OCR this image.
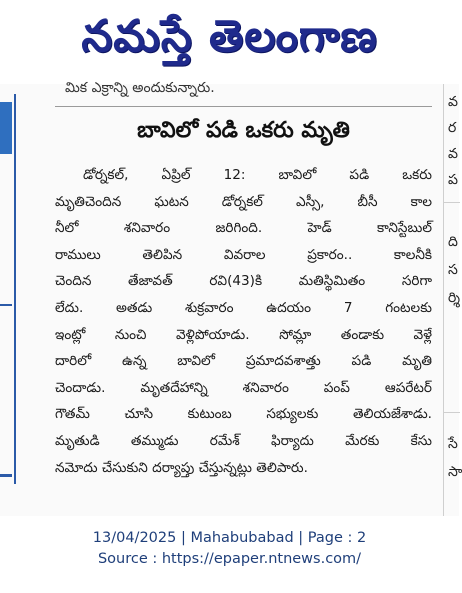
నమస్తే తెలంగాణ
మిక ఎక్రాన్ని అందుకున్నారు.
బావిలో పడి ఒకరు మృతి
డోర్నకల్, ఏప్రిల్ 12: బావిలో పడి ఒకరు
మృతిచెందిన ఘటన డోర్నకల్ ఎస్సీ, బీసీ కాల
నీలో శనివారం జరిగింది. హెడ్ కానిస్టేబుల్
రాములు తెలిపిన వివరాల ప్రకారం.. కాలనీకి
చెందిన తేజావత్ రవి(43)కి మతిస్థిమితం సరిగా
లేదు. అతడు శుక్రవారం ఉదయం 7 గంటలకు
ఇంట్లో నుంచి వెళ్లిపోయాడు. సోమ్లా తండాకు వెళ్లే
దారిలో ఉన్న బావిలో ప్రమాదవశాత్తు పడి మృతి
చెందాడు. మృతదేహాన్ని శనివారం పంప్ ఆపరేటర్
గౌతమ్ చూసి కుటుంబ సభ్యులకు తెలియజేశాడు.
మృతుడి తమ్ముడు రమేశ్ ఫిర్యాదు మేరకు కేసు
నమోదు చేసుకుని దర్యాప్తు చేస్తున్నట్లు తెలిపారు.
వ
ర
వ
ప
ది
స
ర్శి
సే
సా
13/04/2025 | Mahabubabad | Page : 2
Source : https://epaper.ntnews.com/
